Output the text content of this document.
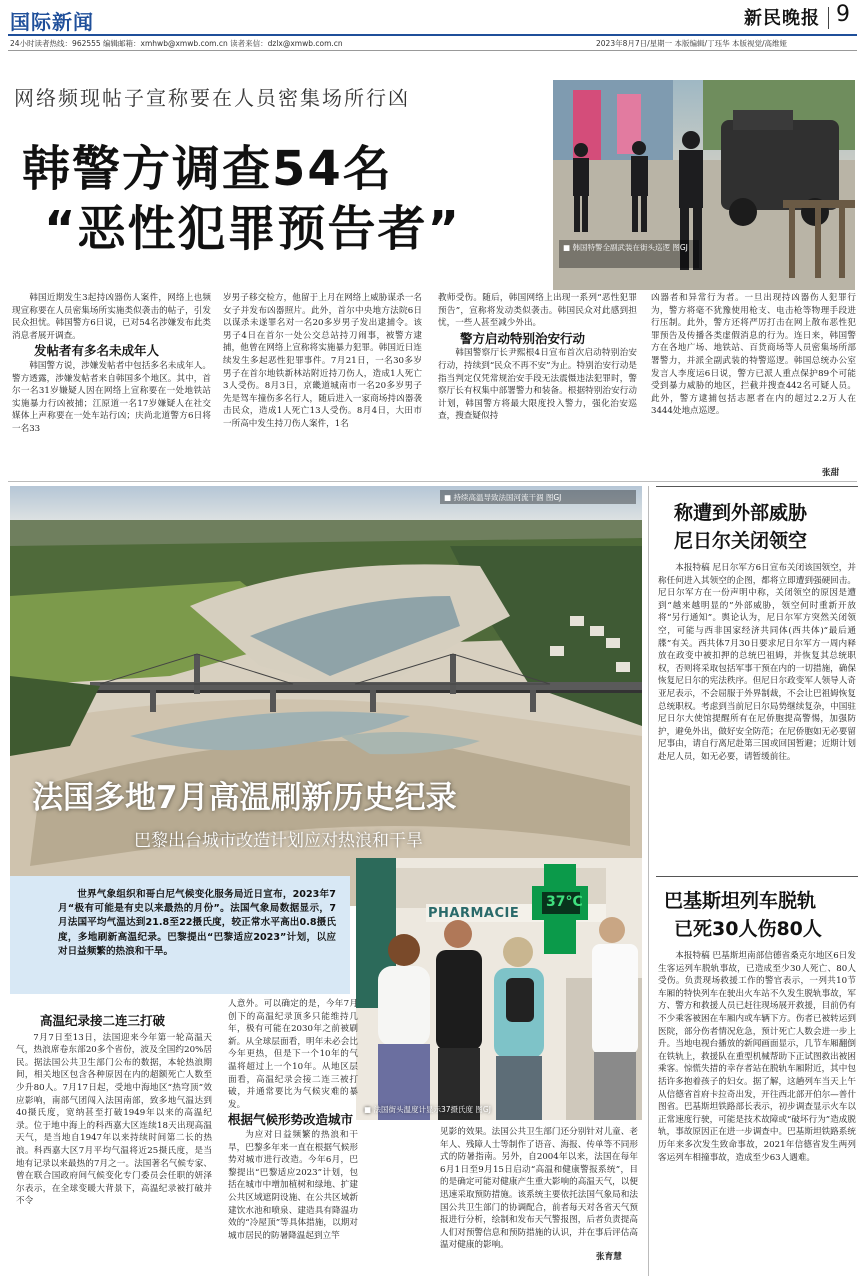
国际新闻	新民晚报 9
24小时读者热线：962555 编辑邮箱：xmhwb@xmwb.com.cn 读者来信：dzlx@xmwb.com.cn	2023年8月7日/星期一 本版编辑/丁珏华 本版视觉/高维娅
网络频现帖子宣称要在人员密集场所行凶
韩警方调查54名
“恶性犯罪预告者”	■ 韩国特警全副武装在街头巡逻 图GJ

韩国近期发生3起持凶器伤人案件，网络上也频现宣称要在人员密集场所实施类似袭击的帖子，引发民众担忧。韩国警方6日说，已对54名涉嫌发布此类消息者展开调查。

发帖者有多名未成年人

韩国警方说，涉嫌发帖者中包括多名未成年人。警方透露，涉嫌发帖者来自韩国多个地区。其中，首尔一名31岁嫌疑人因在网络上宣称要在一处地铁站实施暴力行凶被捕；江原道一名17岁嫌疑人在社交媒体上声称要在一处车站行凶；庆尚北道警方6日将一名33

岁男子移交检方，他留于上月在网络上威胁谋杀一名女子并发布凶器照片。此外，首尔中央地方法院6日以谋杀未遂罪名对一名20多岁男子发出逮捕令。该男子4日在首尔一处公交总站持刀闹事，被警方逮捕，他曾在网络上宣称将实施暴力犯罪。韩国近日连续发生多起恶性犯罪事件。7月21日，一名30多岁男子在首尔地铁新林站附近持刀伤人，造成1人死亡3人受伤。8月3日，京畿道城南市一名20多岁男子先是驾车撞伤多名行人，随后进入一家商场持凶器袭击民众，造成1人死亡13人受伤。8月4日，大田市一所高中发生持刀伤人案件，1名

教师受伤。随后，韩国网络上出现一系列“恶性犯罪预告”，宣称将发动类似袭击。韩国民众对此感到担忧，一些人甚至减少外出。

警方启动特别治安行动

韩国警察厅长尹熙根4日宣布首次启动特别治安行动，持续到“民众不再不安”为止。特别治安行动是指当判定仅凭常规治安手段无法震慑违法犯罪时，警察厅长有权集中部署警力和装备。根据特别治安行动计划，韩国警方将最大限度投入警力，强化治安巡查，搜查疑似持

凶器者和异常行为者。一旦出现持凶器伤人犯罪行为，警方将毫不犹豫使用枪支、电击枪等物理手段进行压制。此外，警方还将严厉打击在网上散布恶性犯罪预告及传播各类虚假消息的行为。连日来，韩国警方在各地广场、地铁站、百货商场等人员密集场所部署警力，并派全副武装的特警巡逻。韩国总统办公室发言人李度运6日说，警方已派人重点保护89个可能受到暴力威胁的地区，拦截并搜查442名可疑人员。此外，警方逮捕包括志愿者在内的超过2.2万人在3444处地点巡逻。

张甜
■ 持续高温导致法国河流干涸 图GJ
法国多地7月高温刷新历史纪录
巴黎出台城市改造计划应对热浪和干旱
世界气象组织和哥白尼气候变化服务局近日宣布，2023年7月“极有可能是有史以来最热的月份”。法国气象局数据显示，7月法国平均气温达到21.8至22摄氏度，较正常水平高出0.8摄氏度，多地刷新高温纪录。巴黎提出“巴黎适应2023”计划，以应对日益频繁的热浪和干旱。
PHARMACIE
37°C
■ 法国街头温度计显示37摄氏度 图GJ
高温纪录接二连三打破

7月7日至13日，法国迎来今年第一轮高温天气，热浪席卷东部20多个省份，波及全国约20%居民。据法国公共卫生部门公布的数据，本轮热浪期间，相关地区包含各种原因在内的超额死亡人数至少升80人。7月17日起，受地中海地区“热穹顶”效应影响，南部气团闯入法国南部，致多地气温达到40摄氏度，宽纳甚至打破1949年以来的高温纪录。位于地中海上的科西嘉大区连续18天出现高温天气，是当地自1947年以来持续时间第二长的热浪。科西嘉大区7月平均气温将近25摄氏度，是当地有记录以来最热的7月之一。法国著名气候专家、曾在联合国政府间气候变化专门委员会任职的妍泽尔表示，在全球变暖大背景下，高温纪录被打破并不令

人意外。可以确定的是，今年7月创下的高温纪录顶多只能维持几年，极有可能在2030年之前被刷新。从全球层面看，明年未必会比今年更热，但是下一个10年的气温将超过上一个10年。从地区层面看，高温纪录会接二连三被打破，并通常要比为气候灾难的暴发。

根据气候形势改造城市

为应对日益频繁的热浪和干旱，巴黎多年来一直在根据气候形势对城市进行改造。今年6月，巴黎提出“巴黎适应2023”计划，包括在城市中增加植树和绿地、扩建公共区域遮阴设施、在公共区域新建饮水池和喷泉、建造具有降温功效的“冷屋顶”等具体措施，以期对城市居民的防暑降温起到立竿

见影的效果。法国公共卫生部门还分别针对儿童、老年人、残障人士等制作了语音、海报、传单等不同形式的防暑指南。另外，自2004年以来，法国在每年6月1日至9月15日启动“高温和健康警报系统”，目的是确定可能对健康产生重大影响的高温天气，以便迅速采取预防措施。该系统主要依托法国气象局和法国公共卫生部门的协调配合，前者每天对各省天气预报进行分析，绘制和发布天气警报图，后者负责提高人们对预警信息和预防措施的认识，并在事后评估高温对健康的影响。

张育慧
称遭到外部威胁
尼日尔关闭领空

本报特稿 尼日尔军方6日宣布关闭该国领空，并称任何进入其领空的企图，都将立即遭到强硬回击。尼日尔军方在一份声明中称，关闭领空的原因是遭到“越来越明显的”外部威胁，领空何时重新开放将“另行通知”。舆论认为，尼日尔军方突然关闭领空，可能与西非国家经济共同体(西共体)“最后通牒”有关。西共体7月30日要求尼日尔军方一周内释放在政变中被扣押的总统巴祖姆，并恢复其总统职权，否则将采取包括军事干预在内的一切措施，确保恢复尼日尔的宪法秩序。但尼日尔政变军人领导人奇亚尼表示，不会屈服于外界制裁，不会让巴祖姆恢复总统职权。考虑到当前尼日尔局势继续复杂，中国驻尼日尔大使馆提醒所有在尼侨胞提高警惕，加强防护，避免外出，做好安全防范；在尼侨胞如无必要留尼事由，请自行离尼赴第三国或回国暂避；近期计划赴尼人员，如无必要，请暂缓前往。

巴基斯坦列车脱轨
已死30人伤80人

本报特稿 巴基斯坦南部信德省桑克尔地区6日发生客运列车脱轨事故，已造成至少30人死亡、80人受伤。负责现场救援工作的警官表示，一列共10节车厢的特快列车在驶出火车站不久发生脱轨事故，军方、警方和救援人员已赶往现场展开救援，目前仍有不少乘客被困在车厢内或车辆下方。伤者已被转运到医院，部分伤者情况危急，预计死亡人数会进一步上升。当地电视台播放的新闻画面显示，几节车厢翻倒在铁轨上，救援队在重型机械帮助下正试图救出被困乘客。惊慌失措的幸存者站在脱轨车厢附近，其中包括许多抱着孩子的妇女。据了解，这趟列车当天上午从信德省首府卡拉奇出发，开往西北部开伯尔—普什图省。巴基斯坦铁路部长表示，初步调查显示火车以正常速度行驶，可能是技术故障或“破坏行为”造成脱轨，事故原因正在进一步调查中。巴基斯坦铁路系统历年来多次发生致命事故，2021年信德省发生两列客运列车相撞事故，造成至少63人遇难。
